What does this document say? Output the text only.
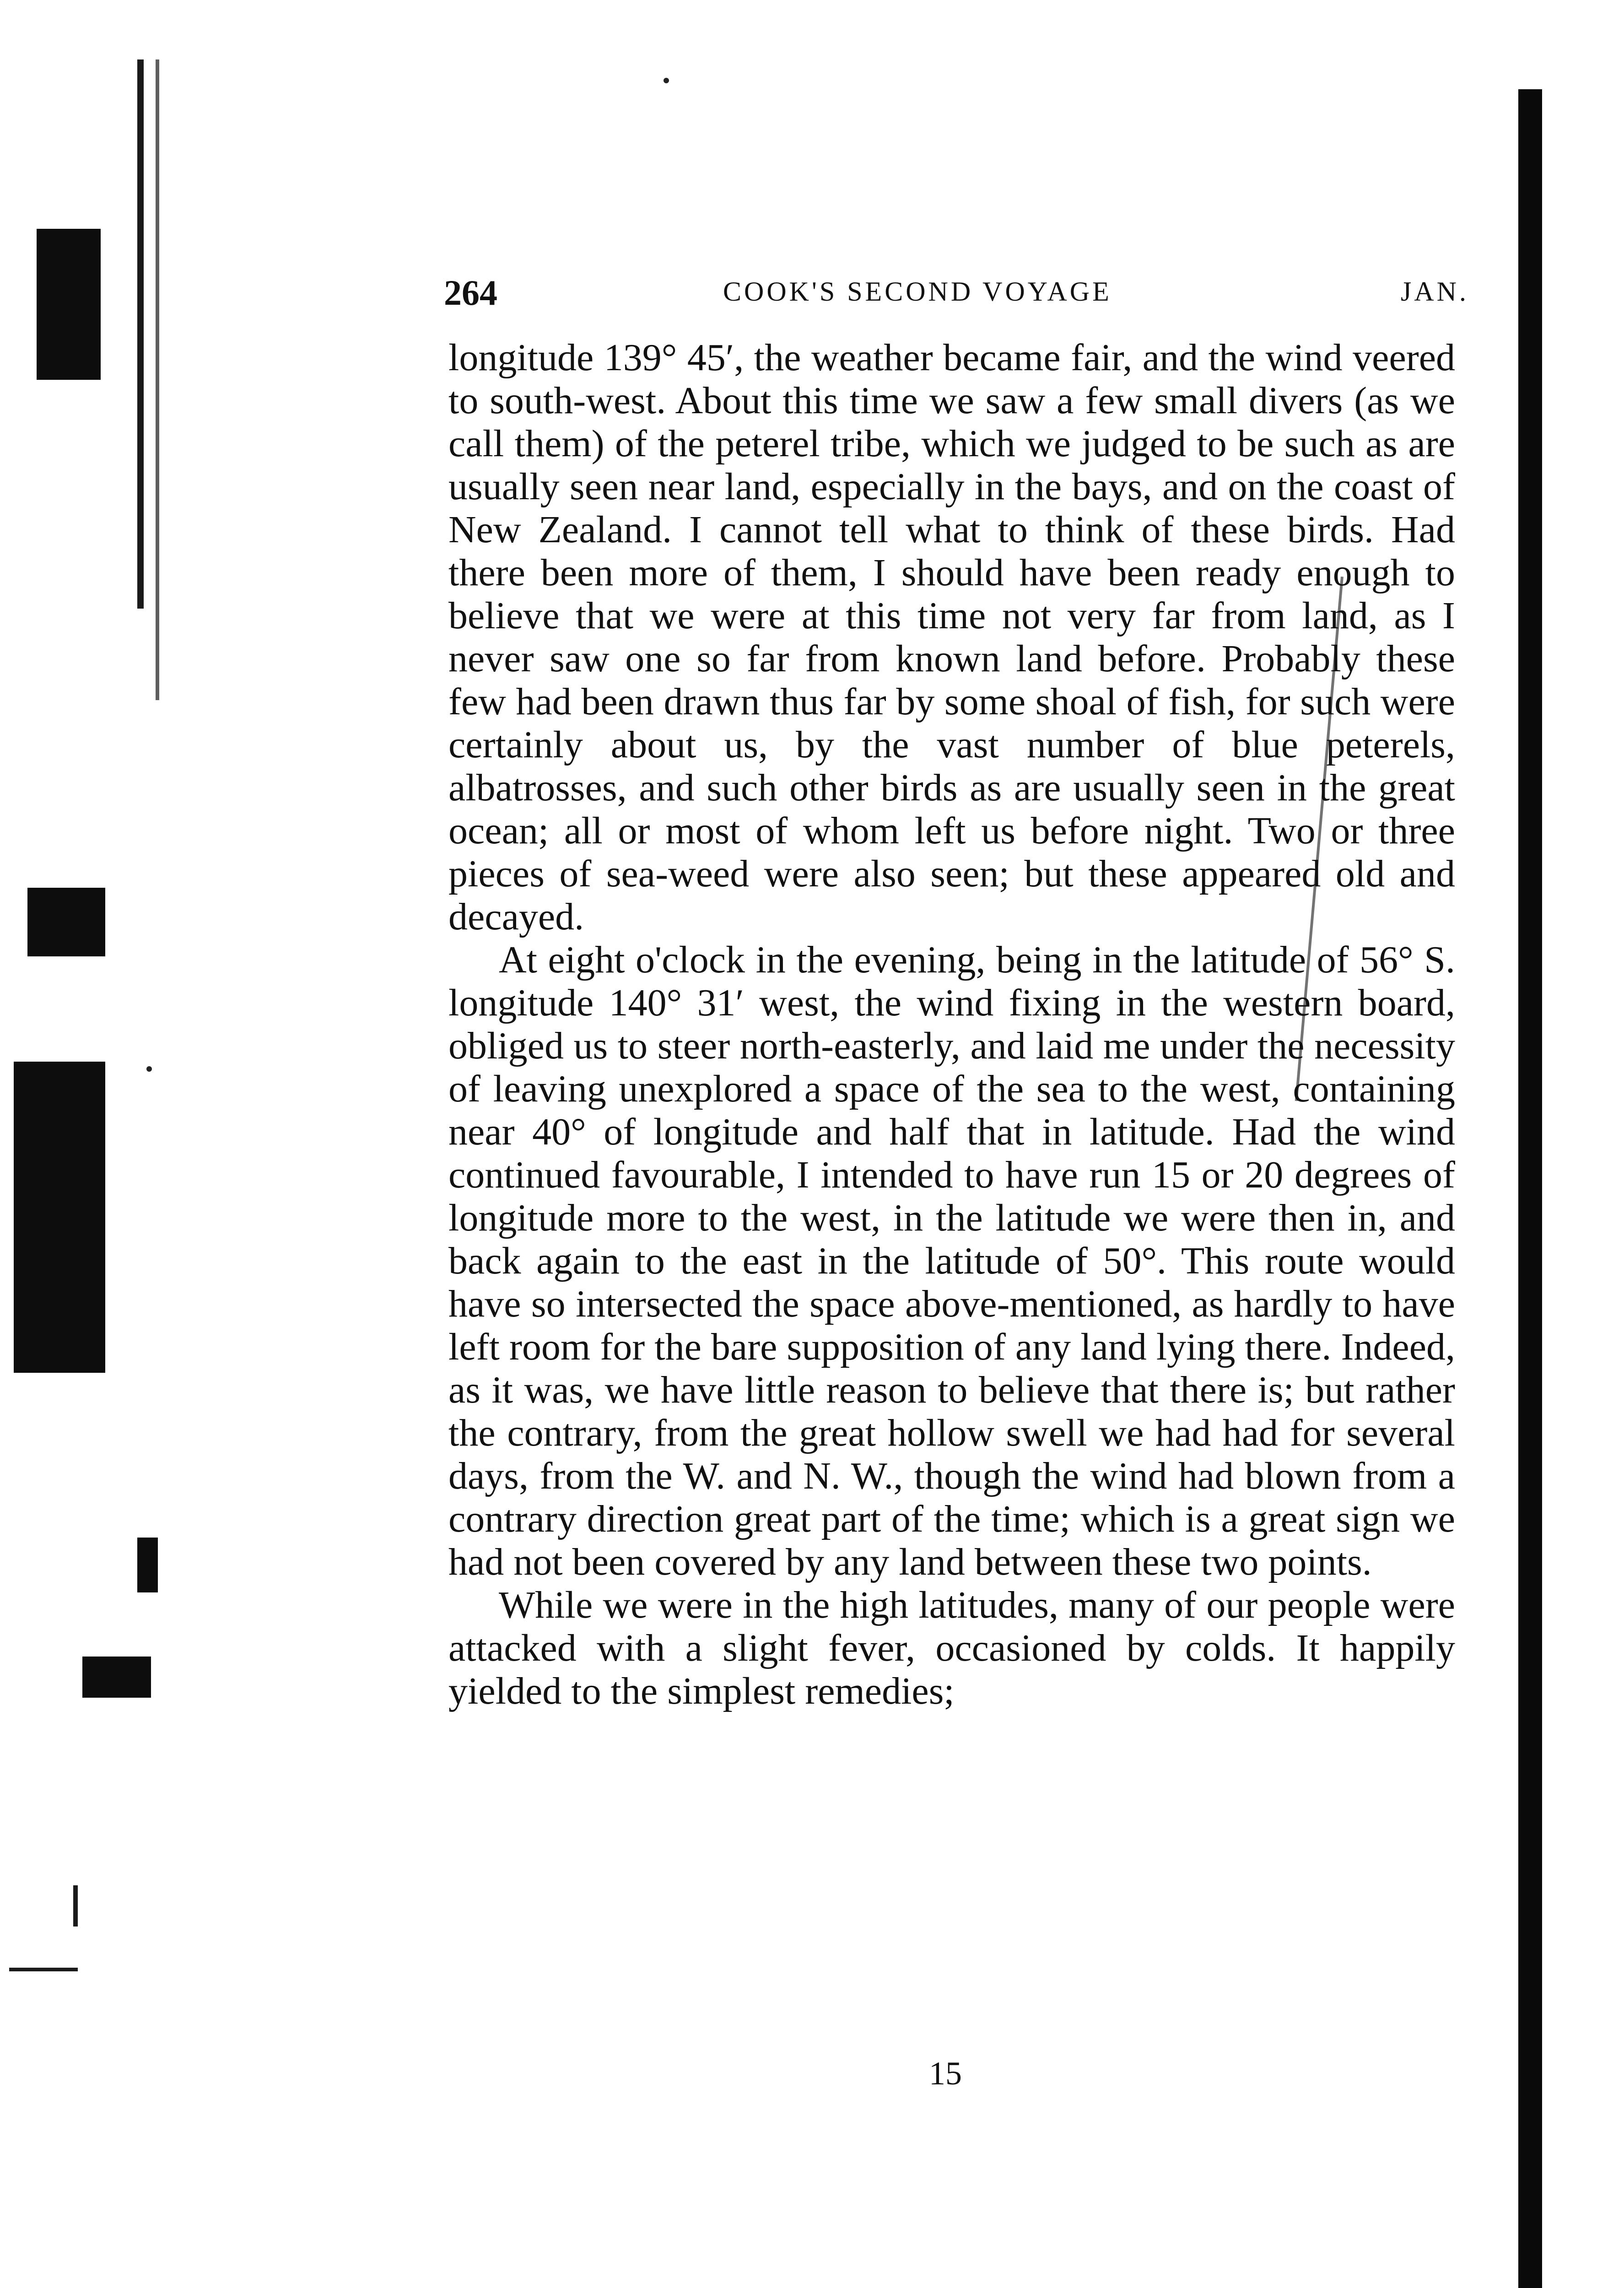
264	COOK'S SECOND VOYAGE	JAN.

longitude 139° 45′, the weather became fair, and the wind veered to south-west. About this time we saw a few small divers (as we call them) of the peterel tribe, which we judged to be such as are usually seen near land, especially in the bays, and on the coast of New Zealand. I cannot tell what to think of these birds. Had there been more of them, I should have been ready enough to believe that we were at this time not very far from land, as I never saw one so far from known land before. Probably these few had been drawn thus far by some shoal of fish, for such were certainly about us, by the vast number of blue peterels, albatrosses, and such other birds as are usually seen in the great ocean; all or most of whom left us before night. Two or three pieces of sea-weed were also seen; but these appeared old and decayed.

At eight o'clock in the evening, being in the latitude of 56° S. longitude 140° 31′ west, the wind fixing in the western board, obliged us to steer north-easterly, and laid me under the necessity of leaving unexplored a space of the sea to the west, containing near 40° of longitude and half that in latitude. Had the wind continued favourable, I intended to have run 15 or 20 degrees of longitude more to the west, in the latitude we were then in, and back again to the east in the latitude of 50°. This route would have so intersected the space above-mentioned, as hardly to have left room for the bare supposition of any land lying there. Indeed, as it was, we have little reason to believe that there is; but rather the contrary, from the great hollow swell we had had for several days, from the W. and N. W., though the wind had blown from a contrary direction great part of the time; which is a great sign we had not been covered by any land between these two points.

While we were in the high latitudes, many of our people were attacked with a slight fever, occasioned by colds. It happily yielded to the simplest remedies;

15
